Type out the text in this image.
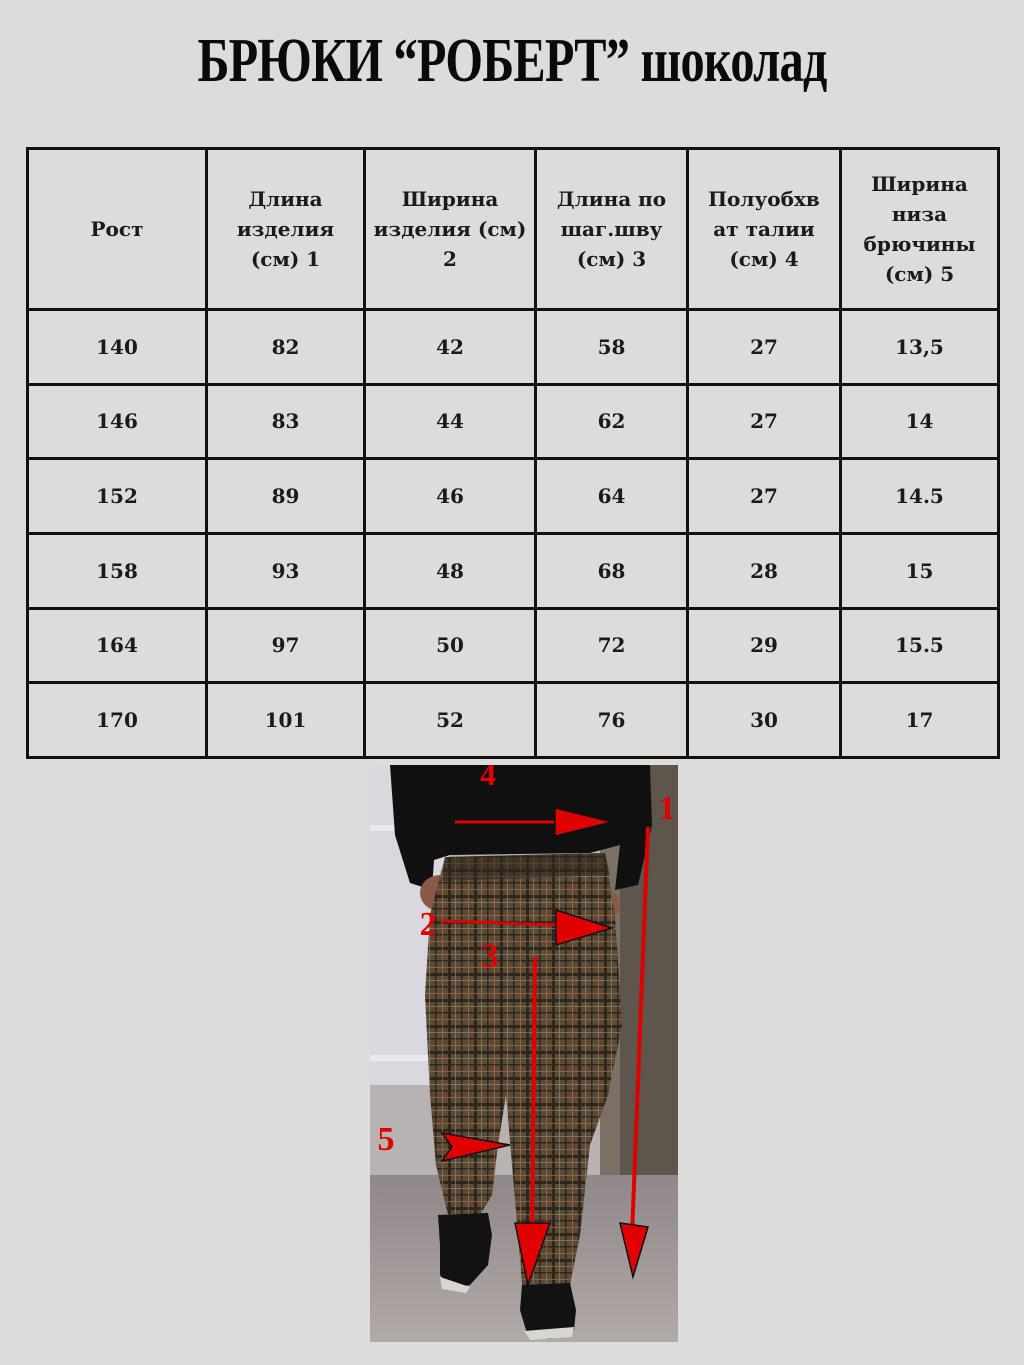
БРЮКИ “РОБЕРТ” шоколад
Рост	Длина изделия (см) 1	Ширина изделия (см) 2	Длина по шаг.шву (см) 3	Полуобхв ат талии (см) 4	Ширина низа брючины (см) 5
140	82	42	58	27	13,5
146	83	44	62	27	14
152	89	46	64	27	14.5
158	93	48	68	28	15
164	97	50	72	29	15.5
170	101	52	76	30	17
4
1
2
3
5
